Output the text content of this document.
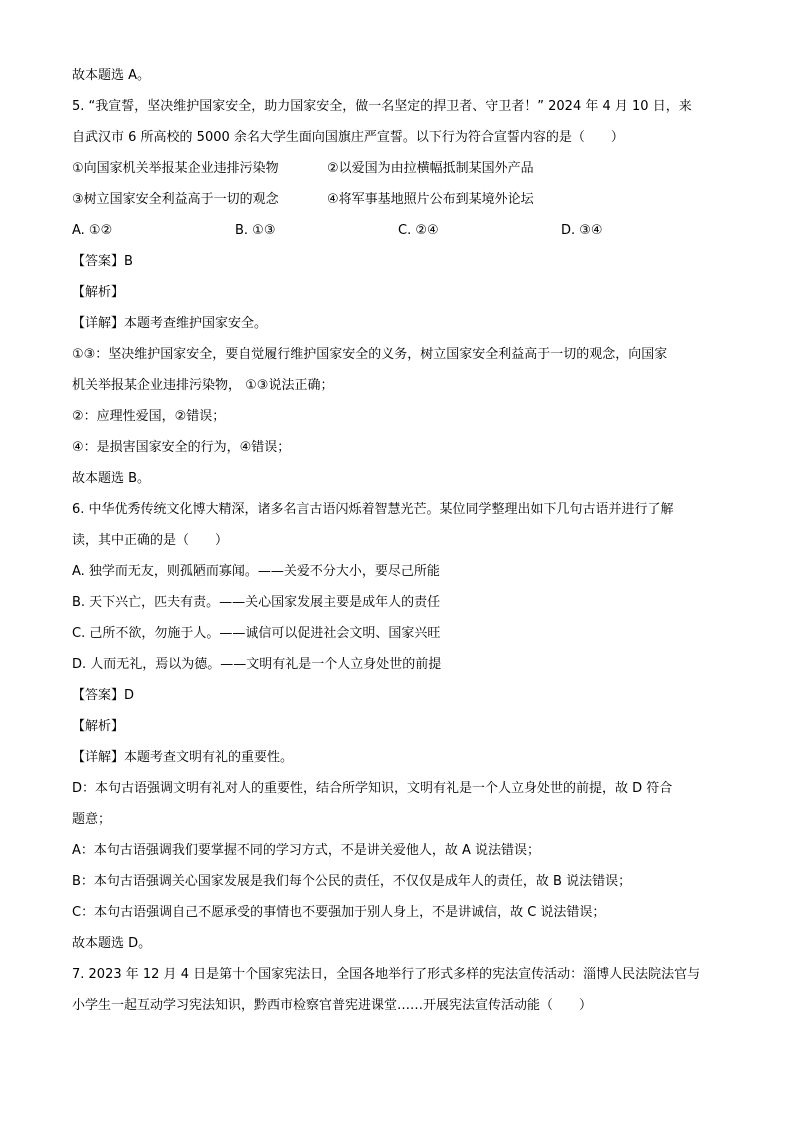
故本题选 A。
5. “我宣誓，坚决维护国家安全，助力国家安全，做一名坚定的捍卫者、守卫者！” 2024 年 4 月 10 日，来
自武汉市 6 所高校的 5000 余名大学生面向国旗庄严宣誓。以下行为符合宣誓内容的是（　　）
①向国家机关举报某企业违排污染物	②以爱国为由拉横幅抵制某国外产品
③树立国家安全利益高于一切的观念	④将军事基地照片公布到某境外论坛
A. ①②	B. ①③	C. ②④	D. ③④
【答案】B
【解析】
【详解】本题考查维护国家安全。
①③：坚决维护国家安全，要自觉履行维护国家安全的义务，树立国家安全利益高于一切的观念，向国家
机关举报某企业违排污染物， ①③说法正确；
②：应理性爱国，②错误；
④：是损害国家安全的行为，④错误；
故本题选 B。
6. 中华优秀传统文化博大精深，诸多名言古语闪烁着智慧光芒。某位同学整理出如下几句古语并进行了解
读，其中正确的是（　　）
A. 独学而无友，则孤陋而寡闻。——关爱不分大小，要尽己所能
B. 天下兴亡，匹夫有责。——关心国家发展主要是成年人的责任
C. 己所不欲，勿施于人。——诚信可以促进社会文明、国家兴旺
D. 人而无礼，焉以为德。——文明有礼是一个人立身处世的前提
【答案】D
【解析】
【详解】本题考查文明有礼的重要性。
D：本句古语强调文明有礼对人的重要性，结合所学知识，文明有礼是一个人立身处世的前提，故 D 符合
题意；
A：本句古语强调我们要掌握不同的学习方式，不是讲关爱他人，故 A 说法错误；
B：本句古语强调关心国家发展是我们每个公民的责任，不仅仅是成年人的责任，故 B 说法错误；
C：本句古语强调自己不愿承受的事情也不要强加于别人身上，不是讲诚信，故 C 说法错误；
故本题选 D。
7. 2023 年 12 月 4 日是第十个国家宪法日，全国各地举行了形式多样的宪法宣传活动：淄博人民法院法官与
小学生一起互动学习宪法知识，黔西市检察官普宪进课堂……开展宪法宣传活动能（　　）
